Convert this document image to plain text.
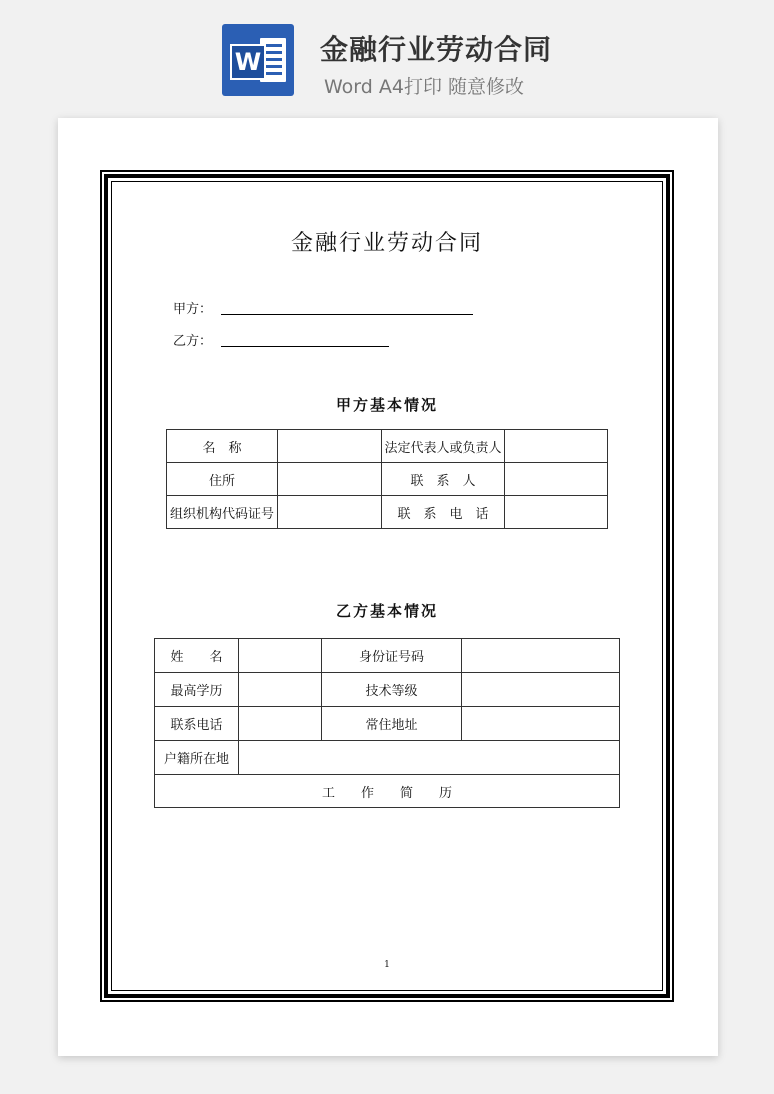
W 金融行业劳动合同
Word A4打印 随意修改
金融行业劳动合同
甲方：
乙方：
甲方基本情况
名　称		法定代表人或负责人	
住所		联　系　人	
组织机构代码证号		联　系　电　话	
乙方基本情况
姓　　名		身份证号码	
最高学历		技术等级	
联系电话		常住地址	
户籍所在地			
工　　作　　简　　历			
1
